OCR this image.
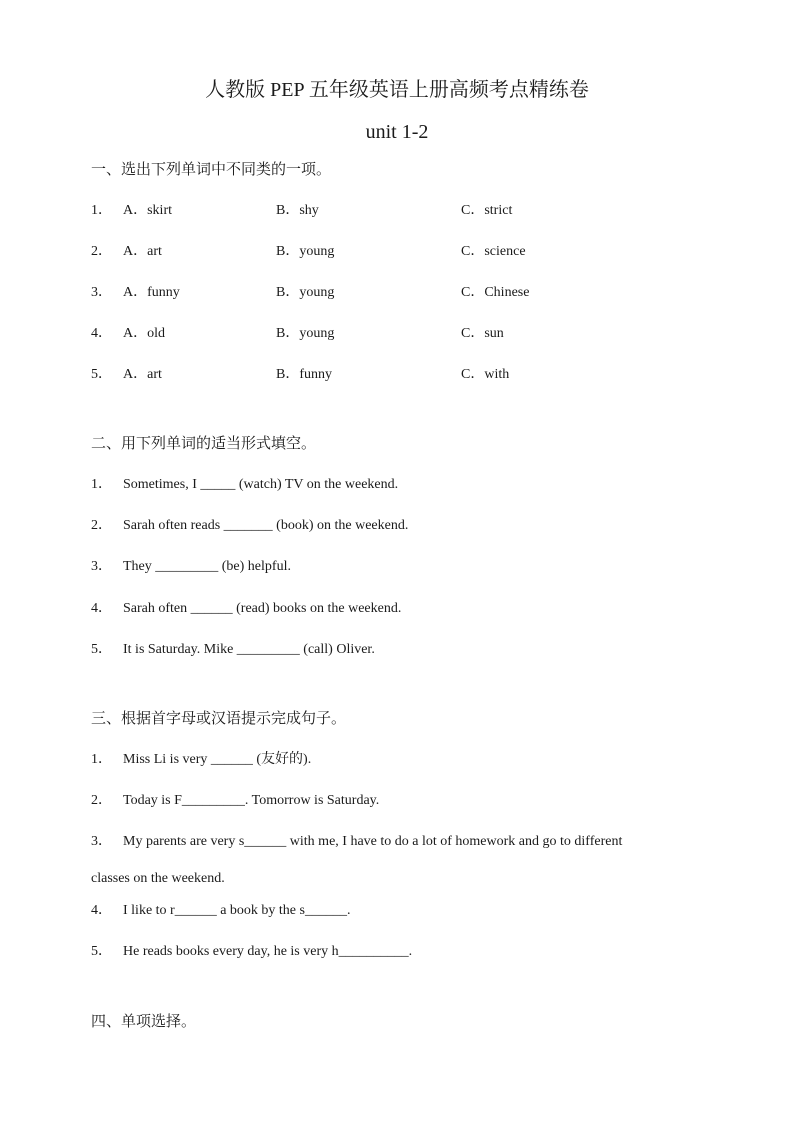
人教版 PEP 五年级英语上册高频考点精练卷
unit 1-2
一、选出下列单词中不同类的一项。
1． A．skirt	B．shy	C．strict
2． A．art	B．young	C．science
3． A．funny	B．young	C．Chinese
4． A．old	B．young	C．sun
5． A．art	B．funny	C．with
二、用下列单词的适当形式填空。
1． Sometimes, I _____ (watch) TV on the weekend.
2． Sarah often reads _______ (book) on the weekend.
3． They _________ (be) helpful.
4． Sarah often ______ (read) books on the weekend.
5． It is Saturday. Mike _________ (call) Oliver.
三、根据首字母或汉语提示完成句子。
1． Miss Li is very ______ (友好的).
2． Today is F_________. Tomorrow is Saturday.
3． My parents are very s______ with me, I have to do a lot of homework and go to different
classes on the weekend.
4． I like to r______ a book by the s______.
5． He reads books every day, he is very h__________.
四、单项选择。
